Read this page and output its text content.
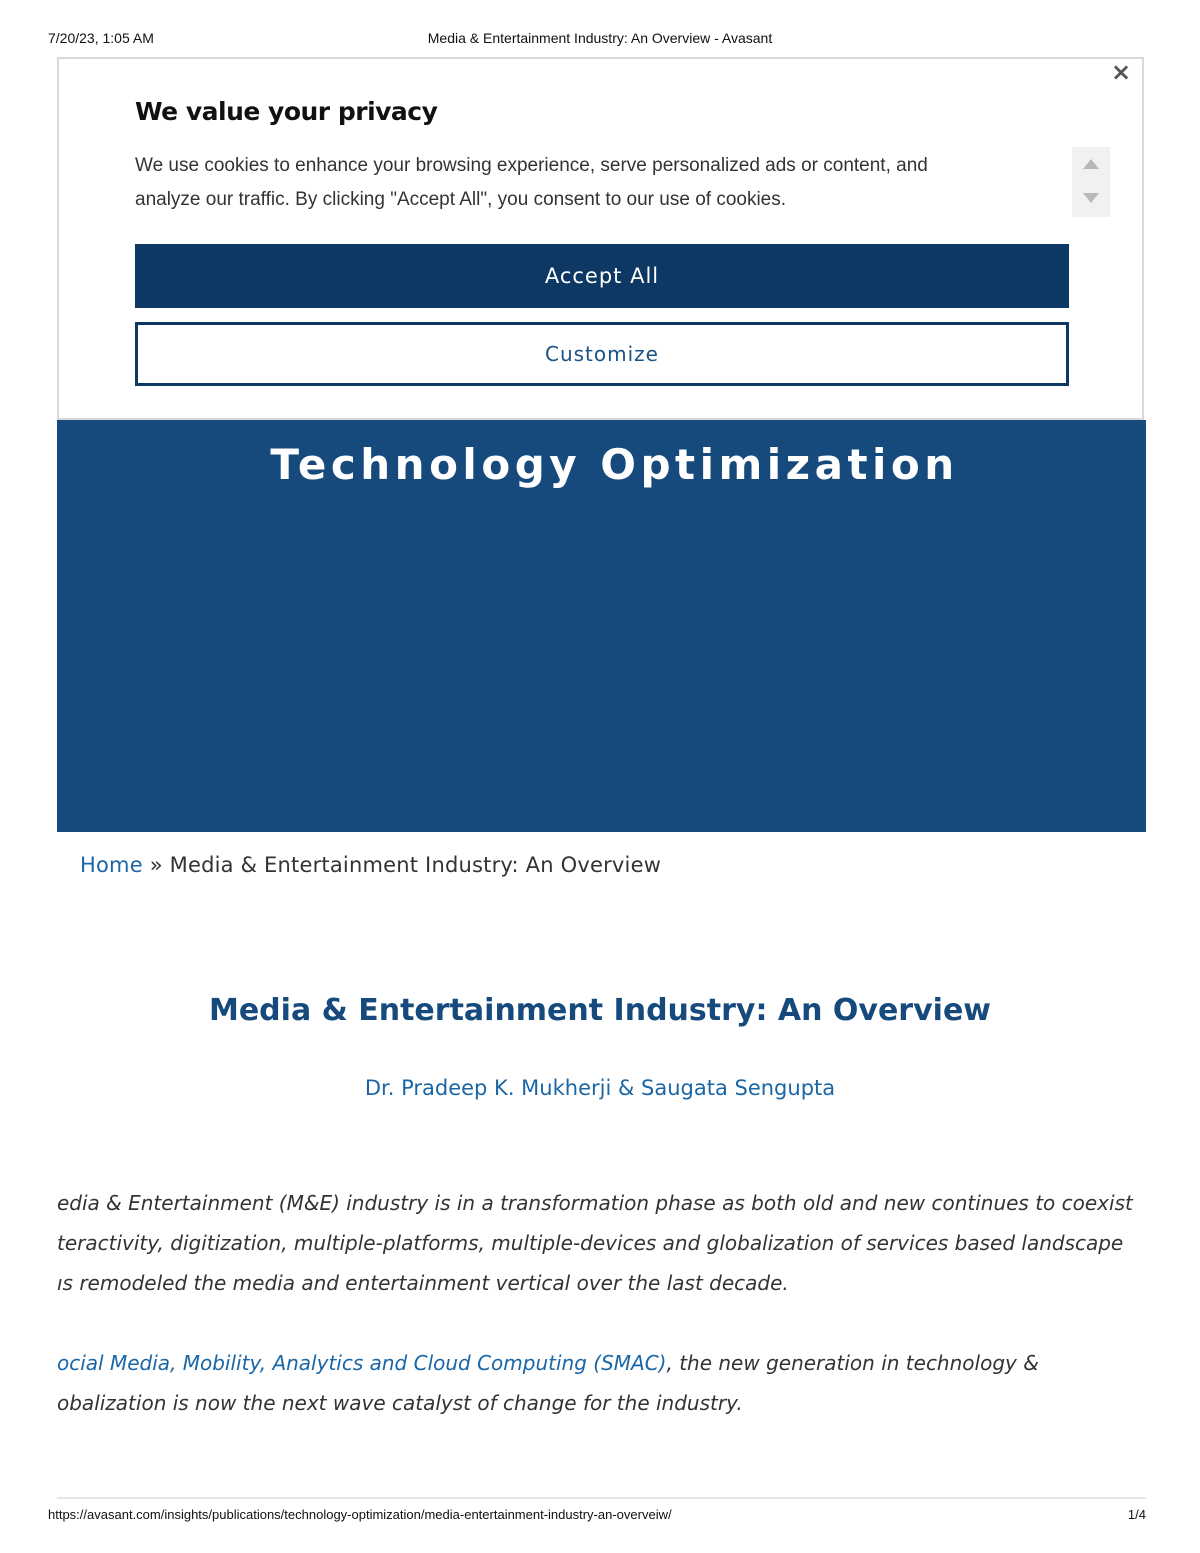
7/20/23, 1:05 AM	Media & Entertainment Industry: An Overview - Avasant
Technology Optimization
×
We value your privacy

We use cookies to enhance your browsing experience, serve personalized ads or content, and
analyze our traffic. By clicking "Accept All", you consent to our use of cookies.

Accept All
Customize
Home » Media & Entertainment Industry: An Overview
Media & Entertainment Industry: An Overview
Dr. Pradeep K. Mukherji & Saugata Sengupta
edia & Entertainment (M&E) industry is in a transformation phase as both old and new continues to coexist
teractivity, digitization, multiple-platforms, multiple-devices and globalization of services based landscape
ıs remodeled the media and entertainment vertical over the last decade.
ocial Media, Mobility, Analytics and Cloud Computing (SMAC), the new generation in technology &
obalization is now the next wave catalyst of change for the industry.
https://avasant.com/insights/publications/technology-optimization/media-entertainment-industry-an-overveiw/	1/4
